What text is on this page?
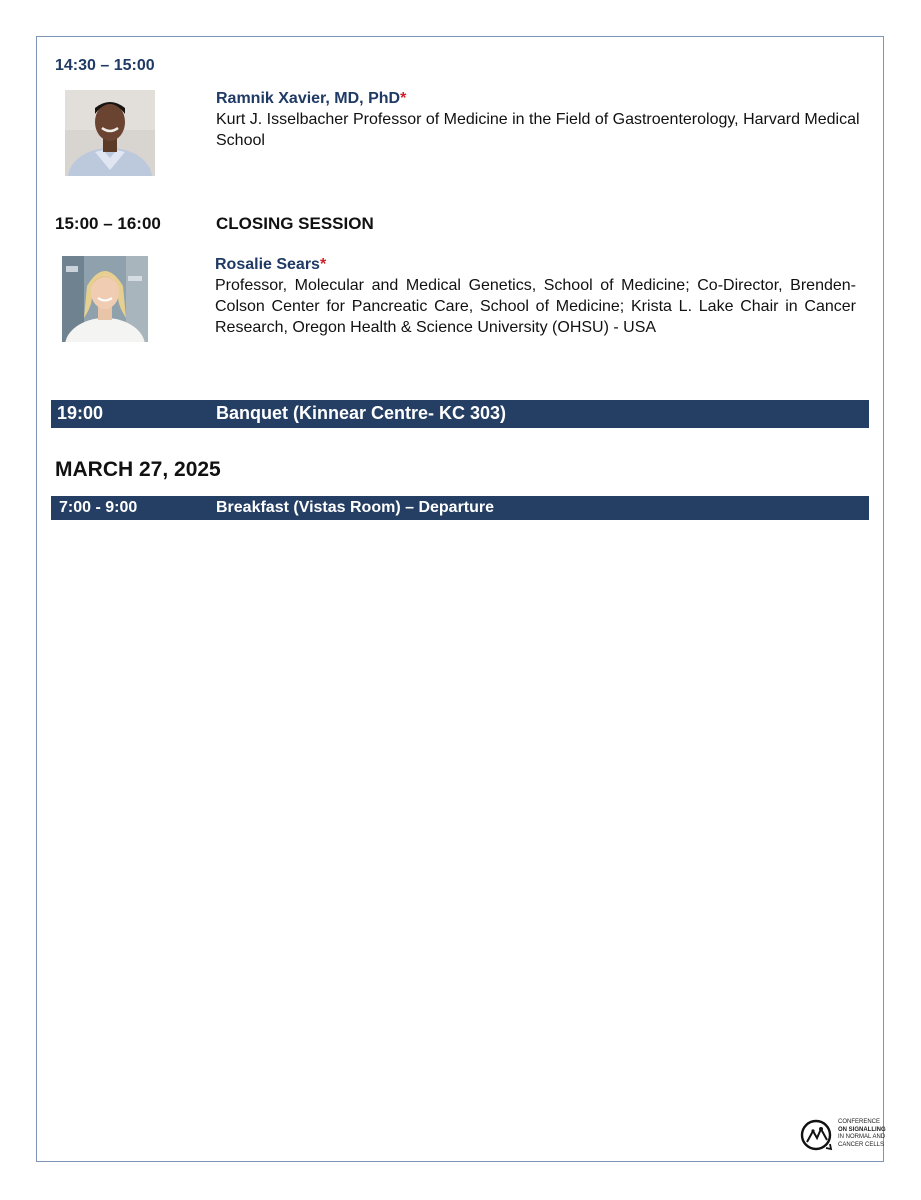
14:30 – 15:00
Ramnik Xavier, MD, PhD*
Kurt J. Isselbacher Professor of Medicine in the Field of Gastroenterology, Harvard Medical School
15:00 – 16:00	CLOSING SESSION
Rosalie Sears*
Professor, Molecular and Medical Genetics, School of Medicine; Co-Director, Brenden-Colson Center for Pancreatic Care, School of Medicine; Krista L. Lake Chair in Cancer Research, Oregon Health & Science University (OHSU) - USA
19:00	Banquet (Kinnear Centre- KC 303)
MARCH 27, 2025
7:00 - 9:00	Breakfast (Vistas Room) – Departure
CONFERENCE
ON SIGNALLING
IN NORMAL AND
CANCER CELLS
